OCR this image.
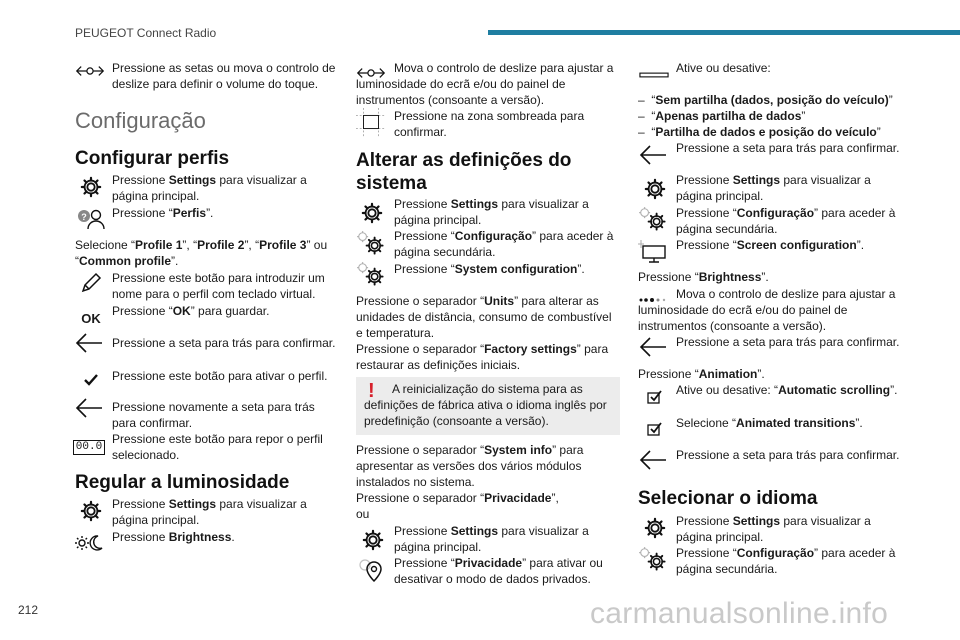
PEUGEOT Connect Radio
212	carmanualsonline.info
Pressione as setas ou mova o controlo de deslize para definir o volume do toque.
Configuração
Configurar perfis
Pressione Settings para visualizar a página principal.
? Pressione “Perfis”.
Selecione “Profile 1”, “Profile 2”, “Profile 3” ou “Common profile”.
Pressione este botão para introduzir um nome para o perfil com teclado virtual.
OK Pressione “OK” para guardar.
Pressione a seta para trás para confirmar.
Pressione este botão para ativar o perfil.
Pressione novamente a seta para trás para confirmar.
00.0
Pressione este botão para repor o perfil selecionado.
Regular a luminosidade
Pressione Settings para visualizar a página principal.
Pressione Brightness.
Mova o controlo de deslize para ajustar a luminosidade do ecrã e/ou do painel de instrumentos (consoante a versão).
Pressione na zona sombreada para confirmar.
Alterar as definições do sistema
Pressione Settings para visualizar a página principal.
Pressione “Configuração” para aceder à página secundária.
Pressione “System configuration”.
Pressione o separador “Units” para alterar as unidades de distância, consumo de combustível e temperatura.
Pressione o separador “Factory settings” para restaurar as definições iniciais.
!	A reinicialização do sistema para as definições de fábrica ativa o idioma inglês por predefinição (consoante a versão).
Pressione o separador “System info” para apresentar as versões dos vários módulos instalados no sistema.
Pressione o separador “Privacidade”,
ou
Pressione Settings para visualizar a página principal.
Pressione “Privacidade” para ativar ou desativar o modo de dados privados.
Ative ou desative:
– “Sem partilha (dados, posição do veículo)”
– “Apenas partilha de dados”
– “Partilha de dados e posição do veículo”
Pressione a seta para trás para confirmar.
Pressione Settings para visualizar a página principal.
Pressione “Configuração” para aceder à página secundária.
Pressione “Screen configuration”.
Pressione “Brightness”.
Mova o controlo de deslize para ajustar a luminosidade do ecrã e/ou do painel de instrumentos (consoante a versão).
Pressione a seta para trás para confirmar.
Pressione “Animation”.
Ative ou desative: “Automatic scrolling”.
Selecione “Animated transitions”.
Pressione a seta para trás para confirmar.
Selecionar o idioma
Pressione Settings para visualizar a página principal.
Pressione “Configuração” para aceder à página secundária.
